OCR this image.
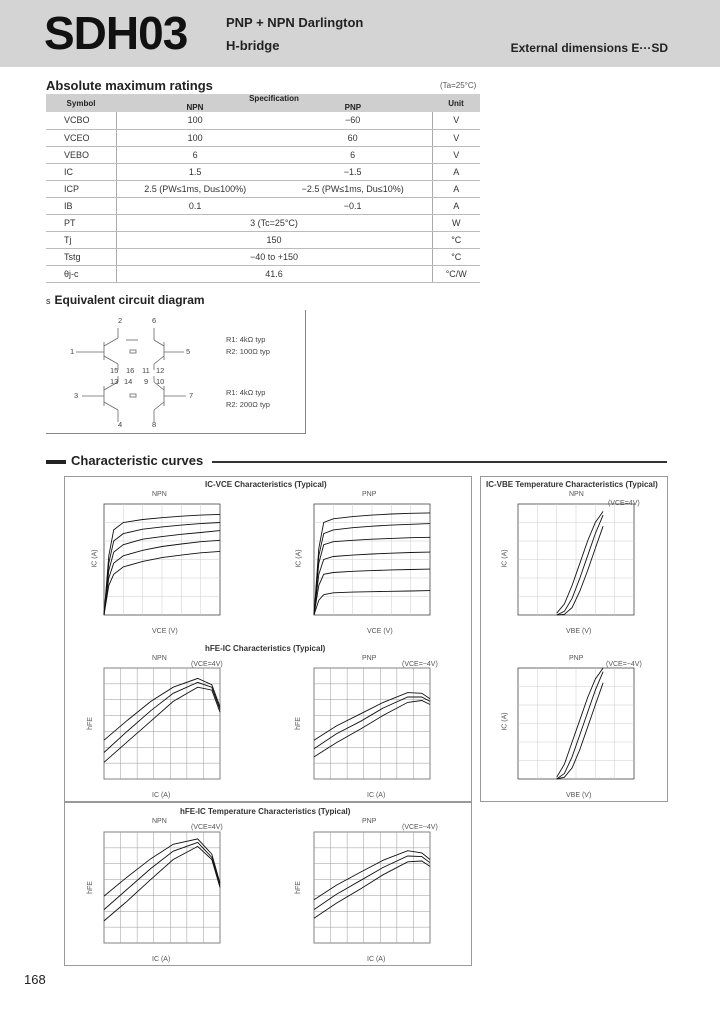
SDH03	PNP + NPN Darlington
H-bridge	External dimensions E···SD
Absolute maximum ratings	(Ta=25°C)
Symbol	Specification		Unit
	NPN	PNP	
VCBO	100	−60	V
VCEO	100	60	V
VEBO	6	6	V
IC	1.5	−1.5	A
ICP	2.5 (PW≤1ms, Du≤100%)	−2.5 (PW≤1ms, Du≤10%)	A
IB	0.1	−0.1	A
PT	3 (Tc=25°C)		W
Tj	150		°C
Tstg	−40 to +150		°C
θj-c	41.6		°C/W
s Equivalent circuit diagram
2	6
1	5
15 16 11 12
13 14 9 10
3	7
4	8
R1: 4kΩ typ
R2: 100Ω typ
R1: 4kΩ typ
R2: 200Ω typ
Characteristic curves
IC-VCE Characteristics (Typical)	IC-VBE Temperature Characteristics (Typical)
hFE-IC Characteristics (Typical)
hFE-IC Temperature Characteristics (Typical)
NPN	PNP	NPN
NPN	PNP	PNP
NPN	PNP
(VCE=4V)
(VCE=4V)	(VCE=−4V)	(VCE=−4V)
(VCE=4V)	(VCE=−4V)
VCE (V)	VCE (V)	VBE (V)
IC (A)	IC (A)	VBE (V)
IC (A)	IC (A)
IC (A)	IC (A)	IC (A)
hFE	hFE	IC (A)
hFE	hFE
168
